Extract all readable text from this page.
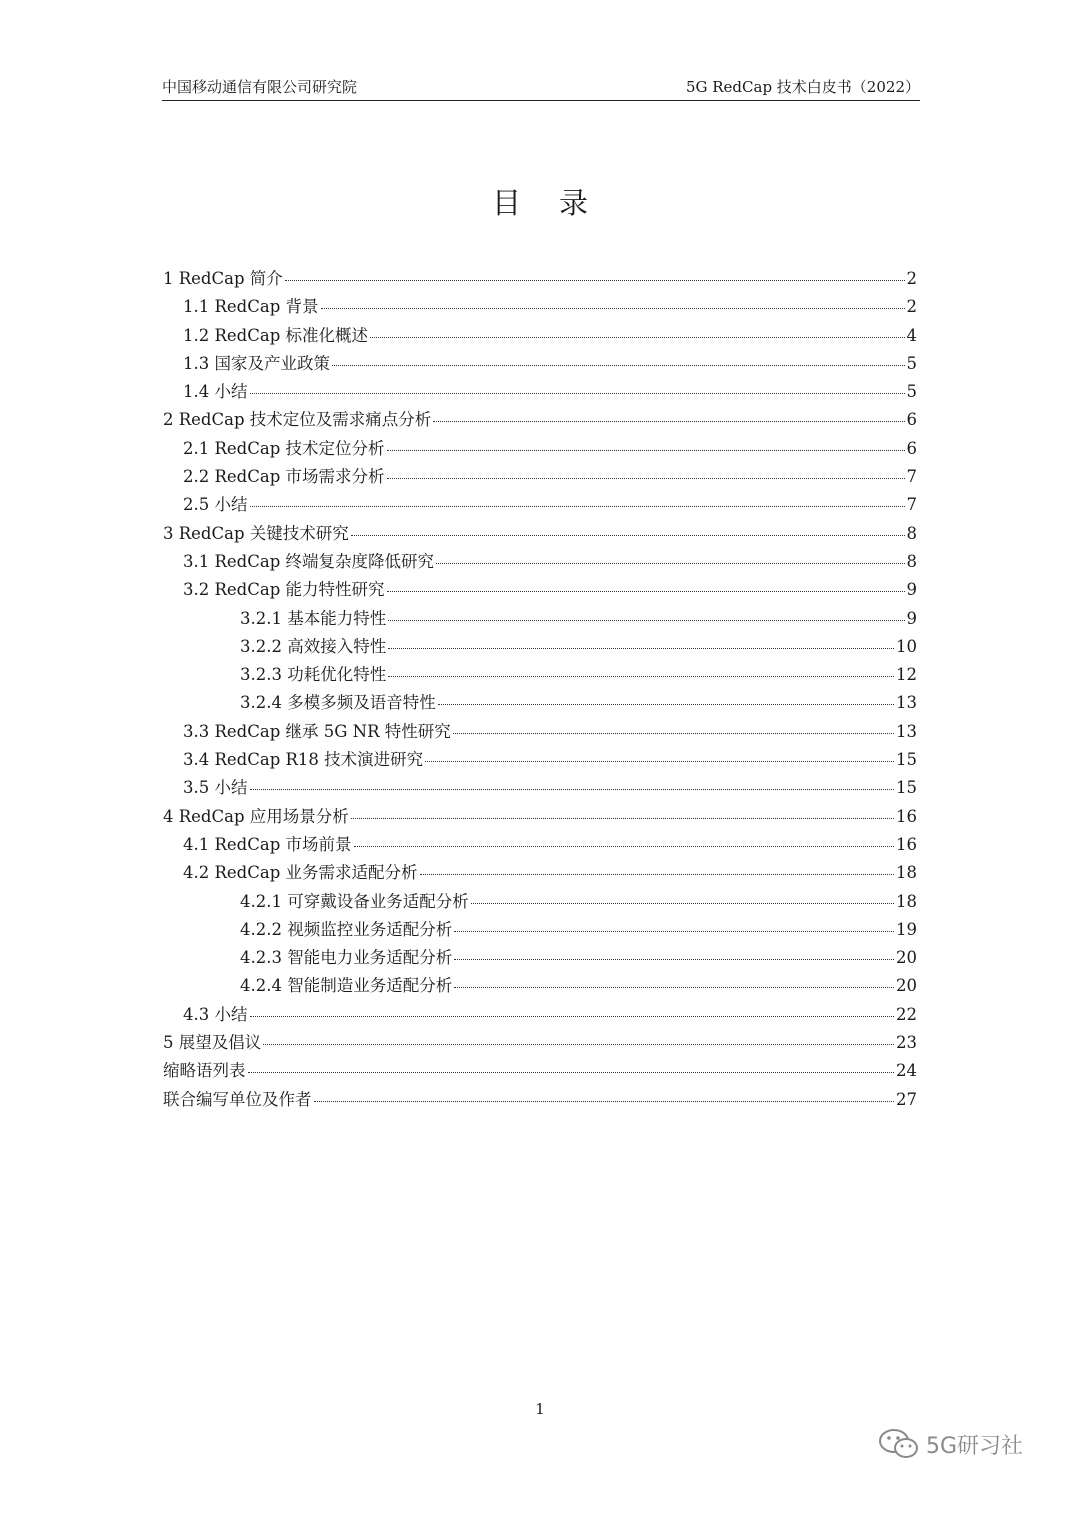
中国移动通信有限公司研究院	5G RedCap 技术白皮书（2022）
目录
1 RedCap 简介	2
1.1 RedCap 背景	2
1.2 RedCap 标准化概述	4
1.3 国家及产业政策	5
1.4 小结	5
2 RedCap 技术定位及需求痛点分析	6
2.1 RedCap 技术定位分析	6
2.2 RedCap 市场需求分析	7
2.5 小结	7
3 RedCap 关键技术研究	8
3.1 RedCap 终端复杂度降低研究	8
3.2 RedCap 能力特性研究	9
3.2.1 基本能力特性	9
3.2.2 高效接入特性	10
3.2.3 功耗优化特性	12
3.2.4 多模多频及语音特性	13
3.3 RedCap 继承 5G NR 特性研究	13
3.4 RedCap R18 技术演进研究	15
3.5 小结	15
4 RedCap 应用场景分析	16
4.1 RedCap 市场前景	16
4.2 RedCap 业务需求适配分析	18
4.2.1 可穿戴设备业务适配分析	18
4.2.2 视频监控业务适配分析	19
4.2.3 智能电力业务适配分析	20
4.2.4 智能制造业务适配分析	20
4.3 小结	22
5 展望及倡议	23
缩略语列表	24
联合编写单位及作者	27
1
5G研习社
